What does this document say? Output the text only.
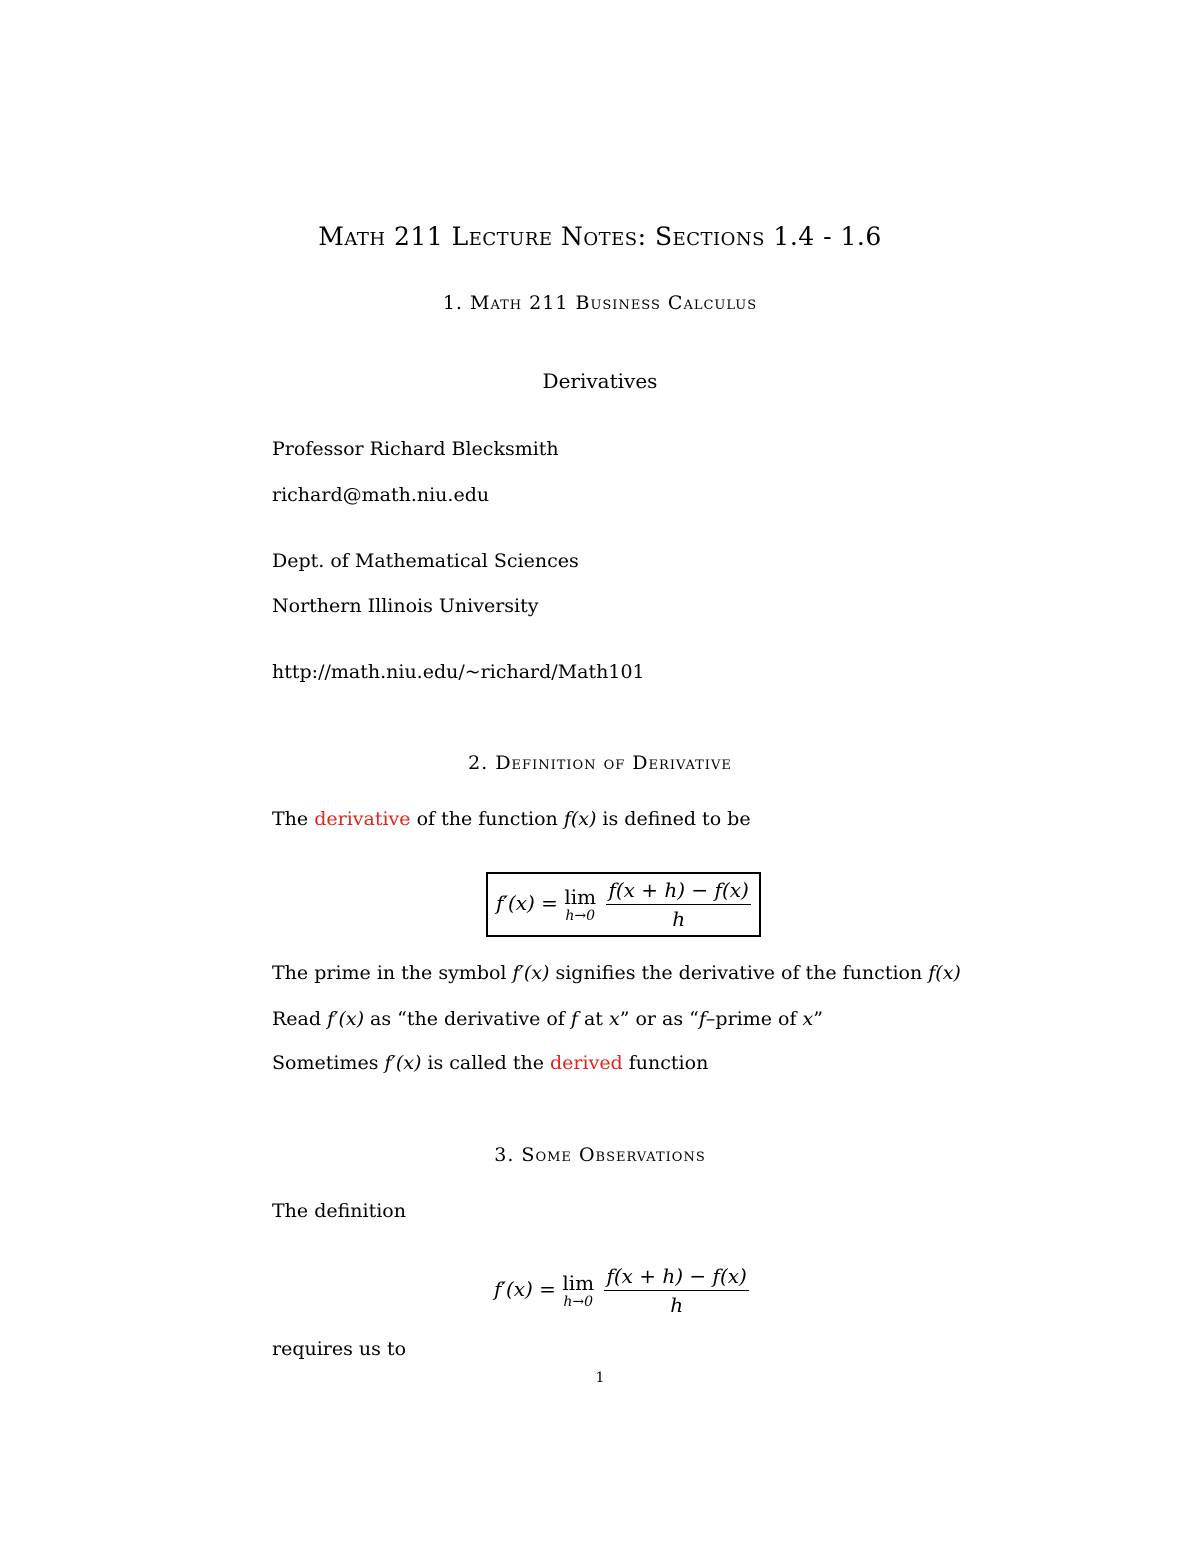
Math 211 Lecture Notes: Sections 1.4 - 1.6
1. Math 211 Business Calculus
Derivatives
Professor Richard Blecksmith
richard@math.niu.edu
Dept. of Mathematical Sciences
Northern Illinois University
http://math.niu.edu/~richard/Math101
2. Definition of Derivative
The derivative of the function f(x) is defined to be
f′(x) = lim
h→0
$\frac{f(x + h) - f(x)}{h}$
The prime in the symbol f′(x) signifies the derivative of the function f(x)
Read f′(x) as “the derivative of f at x” or as “f–prime of x”
Sometimes f′(x) is called the derived function
3. Some Observations
The definition
f′(x) = lim
h→0
$\frac{f(x + h) - f(x)}{h}$
requires us to
1
